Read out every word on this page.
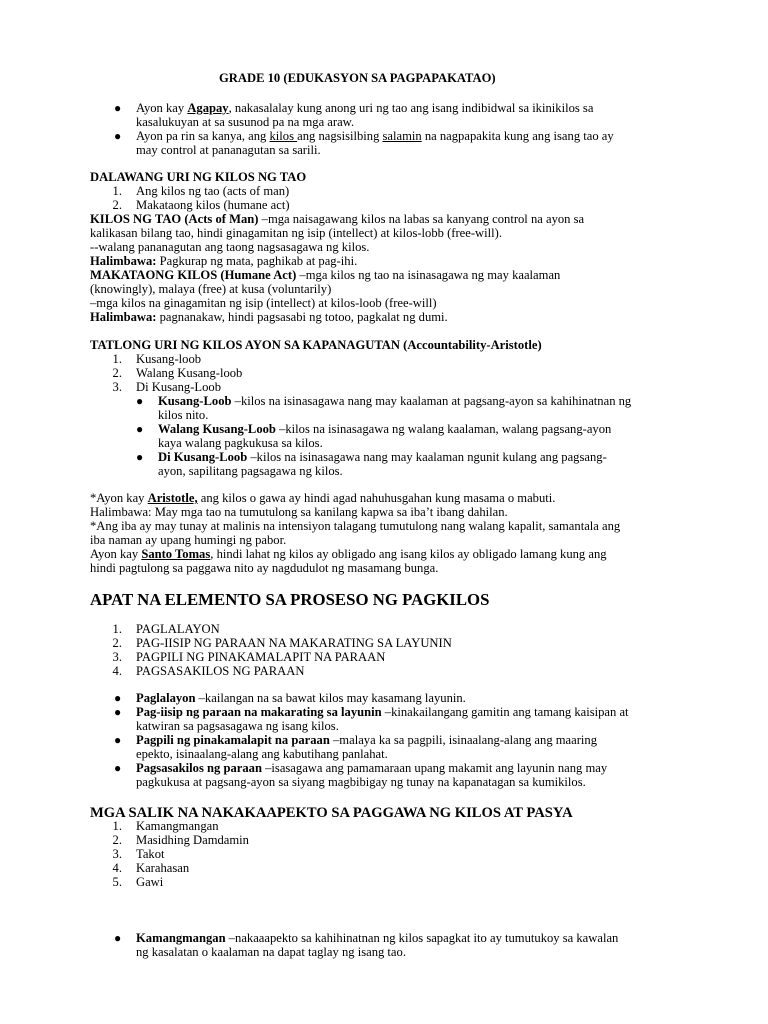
GRADE 10 (EDUKASYON SA PAGPAPAKATAO)
● Ayon kay Agapay, nakasalalay kung anong uri ng tao ang isang indibidwal sa ikinikilos sa
kasalukuyan at sa susunod pa na mga araw.
● Ayon pa rin sa kanya, ang kilos ang nagsisilbing salamin na nagpapakita kung ang isang tao ay
may control at pananagutan sa sarili.
DALAWANG URI NG KILOS NG TAO
1. Ang kilos ng tao (acts of man)
2. Makataong kilos (humane act)
KILOS NG TAO (Acts of Man) –mga naisagawang kilos na labas sa kanyang control na ayon sa
kalikasan bilang tao, hindi ginagamitan ng isip (intellect) at kilos-lobb (free-will).
--walang pananagutan ang taong nagsasagawa ng kilos.
Halimbawa: Pagkurap ng mata, paghikab at pag-ihi.
MAKATAONG KILOS (Humane Act) –mga kilos ng tao na isinasagawa ng may kaalaman
(knowingly), malaya (free) at kusa (voluntarily)
–mga kilos na ginagamitan ng isip (intellect) at kilos-loob (free-will)
Halimbawa: pagnanakaw, hindi pagsasabi ng totoo, pagkalat ng dumi.
TATLONG URI NG KILOS AYON SA KAPANAGUTAN (Accountability-Aristotle)
1. Kusang-loob
2. Walang Kusang-loob
3. Di Kusang-Loob
● Kusang-Loob –kilos na isinasagawa nang may kaalaman at pagsang-ayon sa kahihinatnan ng
kilos nito.
● Walang Kusang-Loob –kilos na isinasagawa ng walang kaalaman, walang pagsang-ayon
kaya walang pagkukusa sa kilos.
● Di Kusang-Loob –kilos na isinasagawa nang may kaalaman ngunit kulang ang pagsang-
ayon, sapilitang pagsagawa ng kilos.
*Ayon kay Aristotle, ang kilos o gawa ay hindi agad nahuhusgahan kung masama o mabuti.
Halimbawa: May mga tao na tumutulong sa kanilang kapwa sa iba’t ibang dahilan.
*Ang iba ay may tunay at malinis na intensiyon talagang tumutulong nang walang kapalit, samantala ang
iba naman ay upang humingi ng pabor.
Ayon kay Santo Tomas, hindi lahat ng kilos ay obligado ang isang kilos ay obligado lamang kung ang
hindi pagtulong sa paggawa nito ay nagdudulot ng masamang bunga.
APAT NA ELEMENTO SA PROSESO NG PAGKILOS
1. PAGLALAYON
2. PAG-IISIP NG PARAAN NA MAKARATING SA LAYUNIN
3. PAGPILI NG PINAKAMALAPIT NA PARAAN
4. PAGSASAKILOS NG PARAAN
● Paglalayon –kailangan na sa bawat kilos may kasamang layunin.
● Pag-iisip ng paraan na makarating sa layunin –kinakailangang gamitin ang tamang kaisipan at
katwiran sa pagsasagawa ng isang kilos.
● Pagpili ng pinakamalapit na paraan –malaya ka sa pagpili, isinaalang-alang ang maaring
epekto, isinaalang-alang ang kabutihang panlahat.
● Pagsasakilos ng paraan –isasagawa ang pamamaraan upang makamit ang layunin nang may
pagkukusa at pagsang-ayon sa siyang magbibigay ng tunay na kapanatagan sa kumikilos.
MGA SALIK NA NAKAKAAPEKTO SA PAGGAWA NG KILOS AT PASYA
1. Kamangmangan
2. Masidhing Damdamin
3. Takot
4. Karahasan
5. Gawi
● Kamangmangan –nakaaapekto sa kahihinatnan ng kilos sapagkat ito ay tumutukoy sa kawalan
ng kasalatan o kaalaman na dapat taglay ng isang tao.
